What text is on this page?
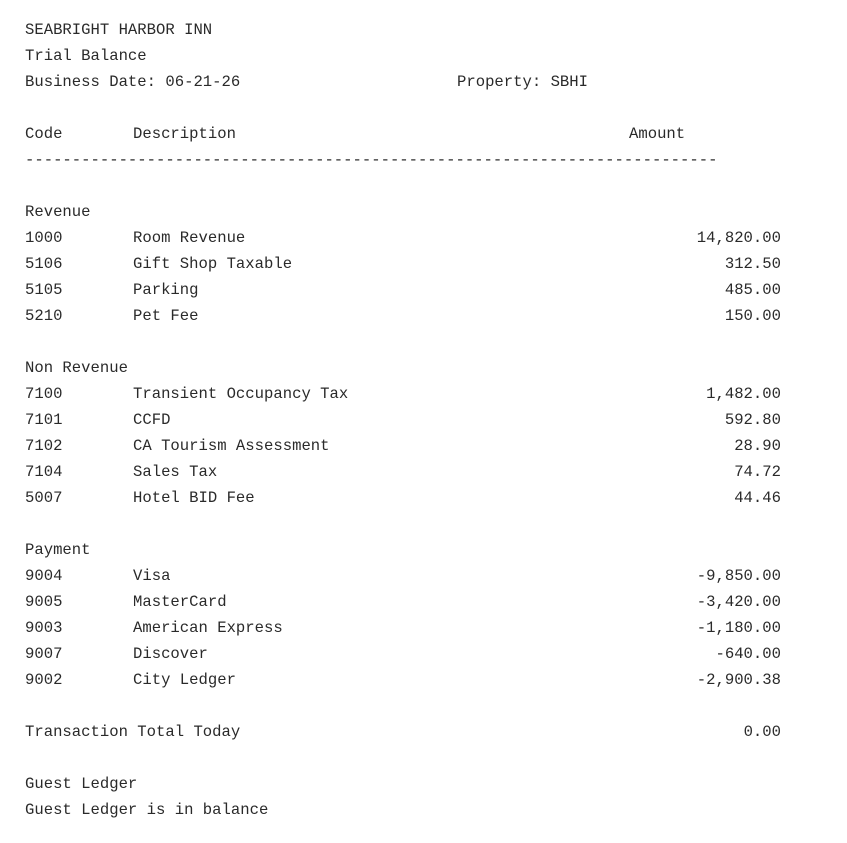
SEABRIGHT HARBOR INN
Trial Balance
Business Date: 06-21-26	Property: SBHI
Code	Description	Amount
--------------------------------------------------------------------------
Revenue
1000	Room Revenue	14,820.00
5106	Gift Shop Taxable	312.50
5105	Parking	485.00
5210	Pet Fee	150.00
Non Revenue
7100	Transient Occupancy Tax	1,482.00
7101	CCFD	592.80
7102	CA Tourism Assessment	28.90
7104	Sales Tax	74.72
5007	Hotel BID Fee	44.46
Payment
9004	Visa	-9,850.00
9005	MasterCard	-3,420.00
9003	American Express	-1,180.00
9007	Discover	-640.00
9002	City Ledger	-2,900.38
Transaction Total Today	0.00
Guest Ledger
Guest Ledger is in balance
